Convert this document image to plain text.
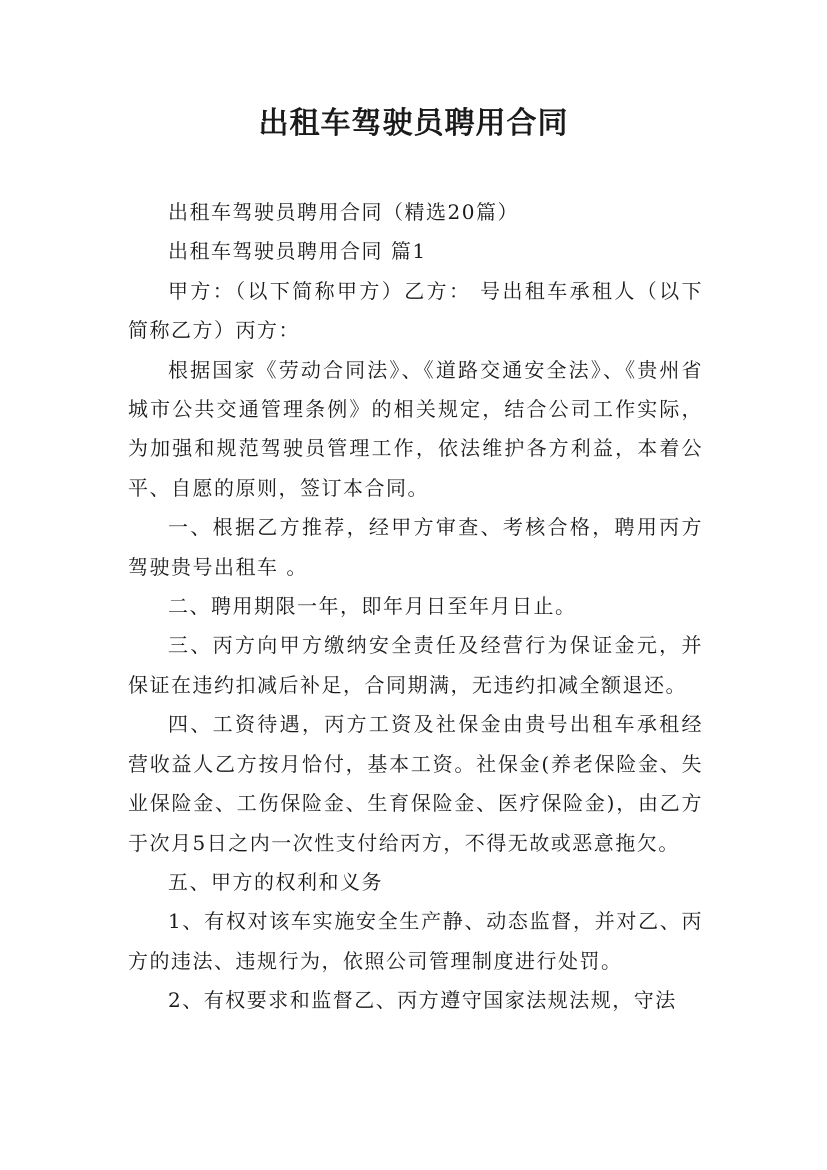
出租车驾驶员聘用合同

出租车驾驶员聘用合同（精选20篇）

出租车驾驶员聘用合同 篇1

甲方：（以下简称甲方）乙方： 号出租车承租人（以下简称乙方）丙方：

根据国家《劳动合同法》、《道路交通安全法》、《贵州省城市公共交通管理条例》的相关规定，结合公司工作实际，为加强和规范驾驶员管理工作，依法维护各方利益，本着公平、自愿的原则，签订本合同。

一、根据乙方推荐，经甲方审查、考核合格，聘用丙方驾驶贵号出租车 。

二、聘用期限一年，即年月日至年月日止。

三、丙方向甲方缴纳安全责任及经营行为保证金元，并保证在违约扣减后补足，合同期满，无违约扣减全额退还。

四、工资待遇，丙方工资及社保金由贵号出租车承租经营收益人乙方按月恰付，基本工资。社保金(养老保险金、失业保险金、工伤保险金、生育保险金、医疗保险金)，由乙方于次月5日之内一次性支付给丙方，不得无故或恶意拖欠。

五、甲方的权利和义务

1、有权对该车实施安全生产静、动态监督，并对乙、丙方的违法、违规行为，依照公司管理制度进行处罚。

2、有权要求和监督乙、丙方遵守国家法规法规，守法
